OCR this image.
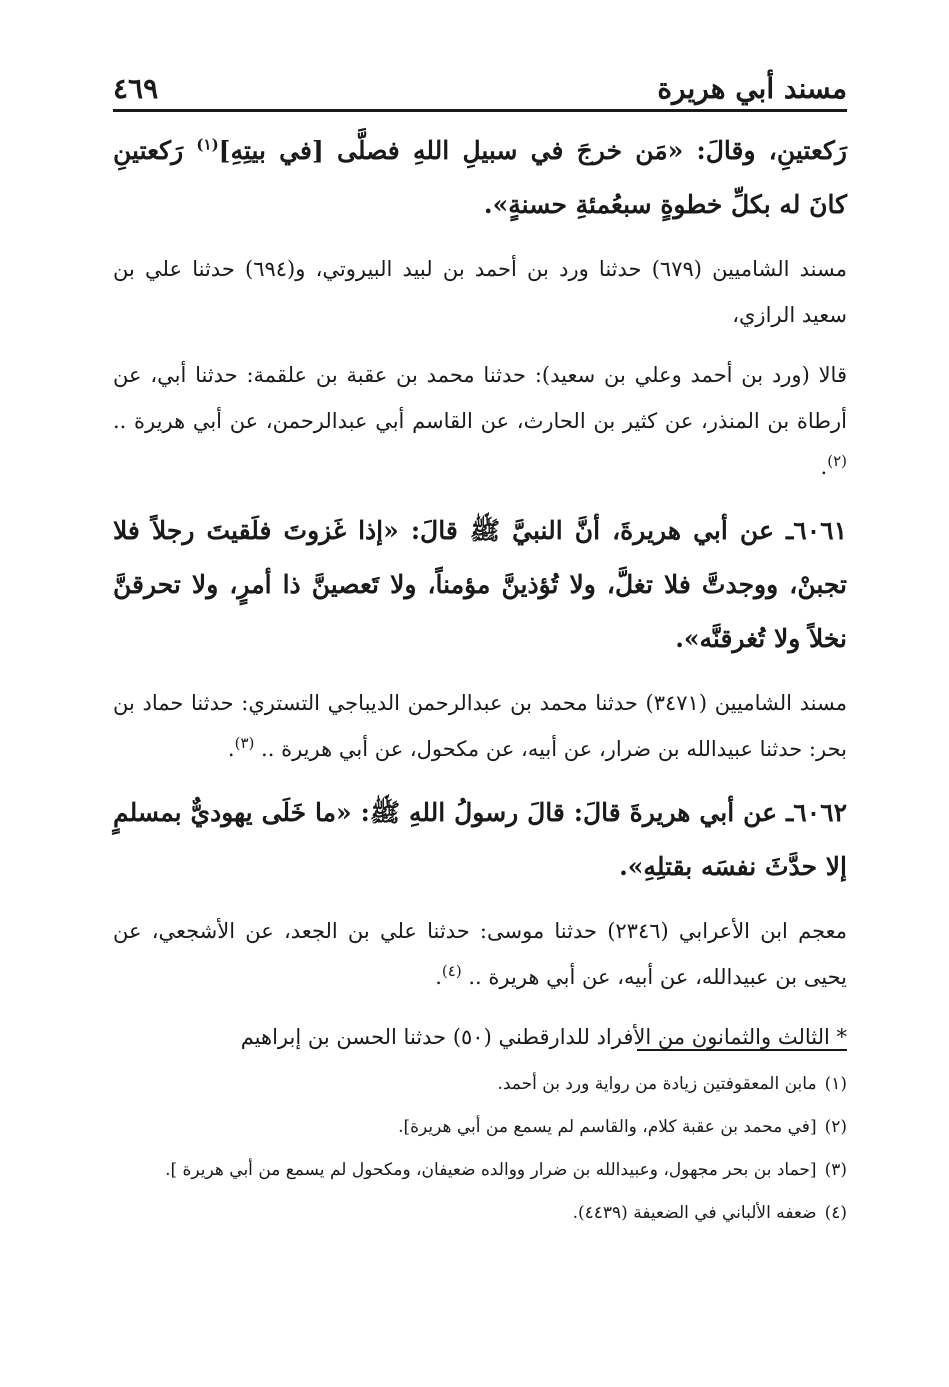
مسند أبي هريرة
٤٦٩

رَكعتينِ، وقالَ: «مَن خرجَ في سبيلِ اللهِ فصلَّى [في بيتِهِ]$^{(١)}$ رَكعتينِ كانَ له بكلِّ خطوةٍ سبعُمئةِ حسنةٍ».

مسند الشاميين (٦٧٩) حدثنا ورد بن أحمد بن لبيد البيروتي، و(٦٩٤) حدثنا علي بن سعيد الرازي،

قالا (ورد بن أحمد وعلي بن سعيد): حدثنا محمد بن عقبة بن علقمة: حدثنا أبي، عن أرطاة بن المنذر، عن كثير بن الحارث، عن القاسم أبي عبدالرحمن، عن أبي هريرة .. $^{(٢)}$.

٦٠٦١ـ عن أبي هريرةَ، أنَّ النبيَّ ﷺ قالَ: «إذا غَزوتَ فلَقيتَ رجلاً فلا تجبنْ، ووجدتَّ فلا تغلَّ، ولا تُؤذينَّ مؤمناً، ولا تَعصينَّ ذا أمرٍ، ولا تحرقنَّ نخلاً ولا تُغرقنَّه».

مسند الشاميين (٣٤٧١) حدثنا محمد بن عبدالرحمن الديباجي التستري: حدثنا حماد بن بحر: حدثنا عبيدالله بن ضرار، عن أبيه، عن مكحول، عن أبي هريرة .. $^{(٣)}$.

٦٠٦٢ـ عن أبي هريرةَ قالَ: قالَ رسولُ اللهِ ﷺ: «ما خَلَى يهوديٌّ بمسلمٍ إلا حدَّثَ نفسَه بقتلِهِ».

معجم ابن الأعرابي (٢٣٤٦) حدثنا موسى: حدثنا علي بن الجعد، عن الأشجعي، عن يحيى بن عبيدالله، عن أبيه، عن أبي هريرة .. $^{(٤)}$.

* الثالث والثمانون من الأفراد للدارقطني (٥٠) حدثنا الحسن بن إبراهيم

(١)
مابن المعقوفتين زيادة من رواية ورد بن أحمد.
(٢)
[في محمد بن عقبة كلام، والقاسم لم يسمع من أبي هريرة].
(٣)
[حماد بن بحر مجهول، وعبيدالله بن ضرار ووالده ضعيفان، ومكحول لم يسمع من أبي هريرة ].
(٤)
ضعفه الألباني في الضعيفة (٤٤٣٩).
